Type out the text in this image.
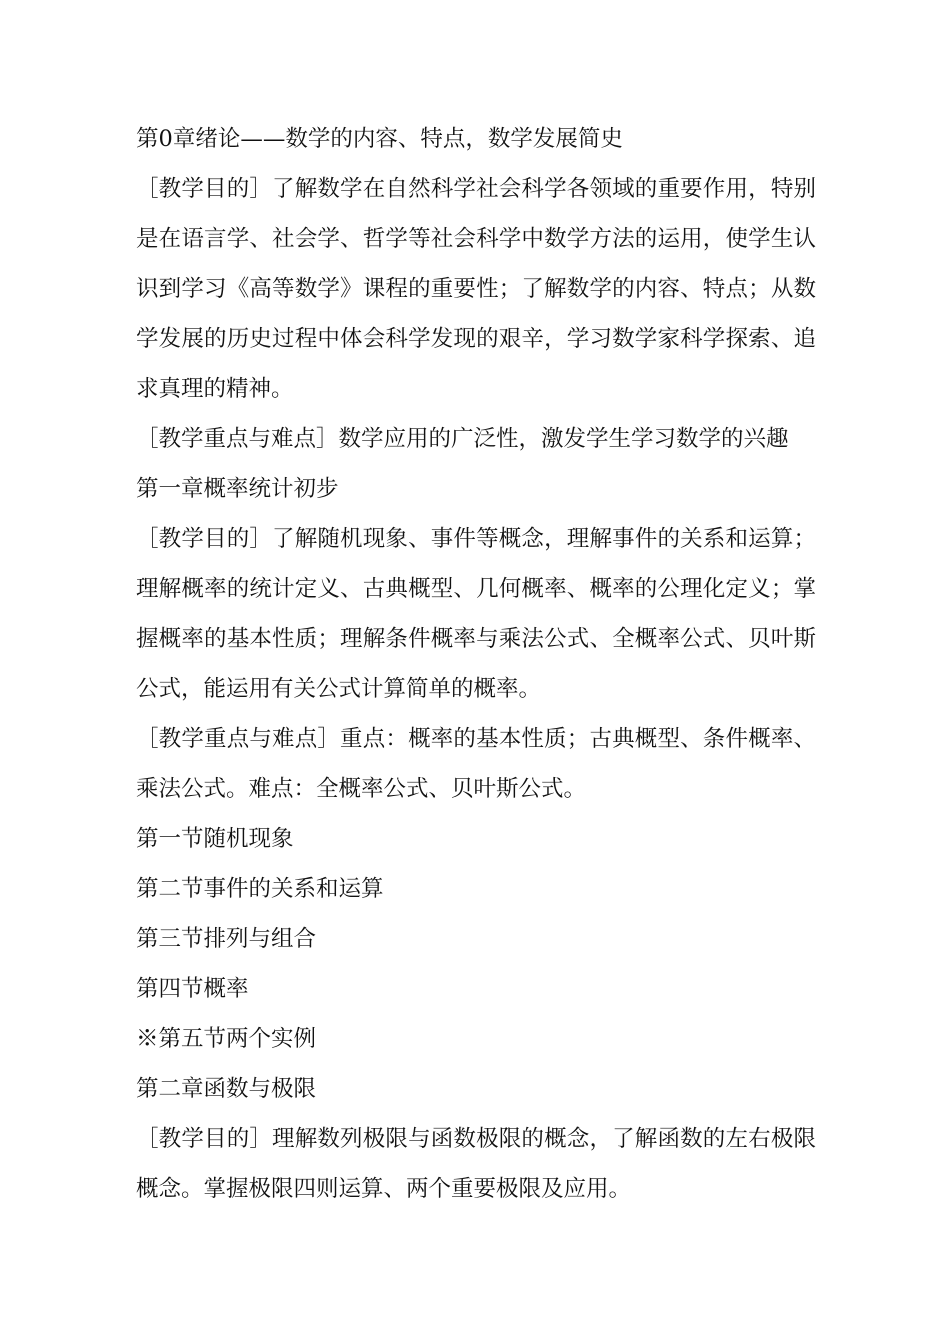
第0章绪论——数学的内容、特点，数学发展简史

［教学目的］了解数学在自然科学社会科学各领域的重要作用，特别是在语言学、社会学、哲学等社会科学中数学方法的运用，使学生认识到学习《高等数学》课程的重要性；了解数学的内容、特点；从数学发展的历史过程中体会科学发现的艰辛，学习数学家科学探索、追求真理的精神。

［教学重点与难点］数学应用的广泛性，激发学生学习数学的兴趣

第一章概率统计初步

［教学目的］了解随机现象、事件等概念，理解事件的关系和运算；理解概率的统计定义、古典概型、几何概率、概率的公理化定义；掌握概率的基本性质；理解条件概率与乘法公式、全概率公式、贝叶斯公式，能运用有关公式计算简单的概率。

［教学重点与难点］重点：概率的基本性质；古典概型、条件概率、乘法公式。难点：全概率公式、贝叶斯公式。

第一节随机现象

第二节事件的关系和运算

第三节排列与组合

第四节概率

※第五节两个实例

第二章函数与极限

［教学目的］理解数列极限与函数极限的概念，了解函数的左右极限概念。掌握极限四则运算、两个重要极限及应用。
